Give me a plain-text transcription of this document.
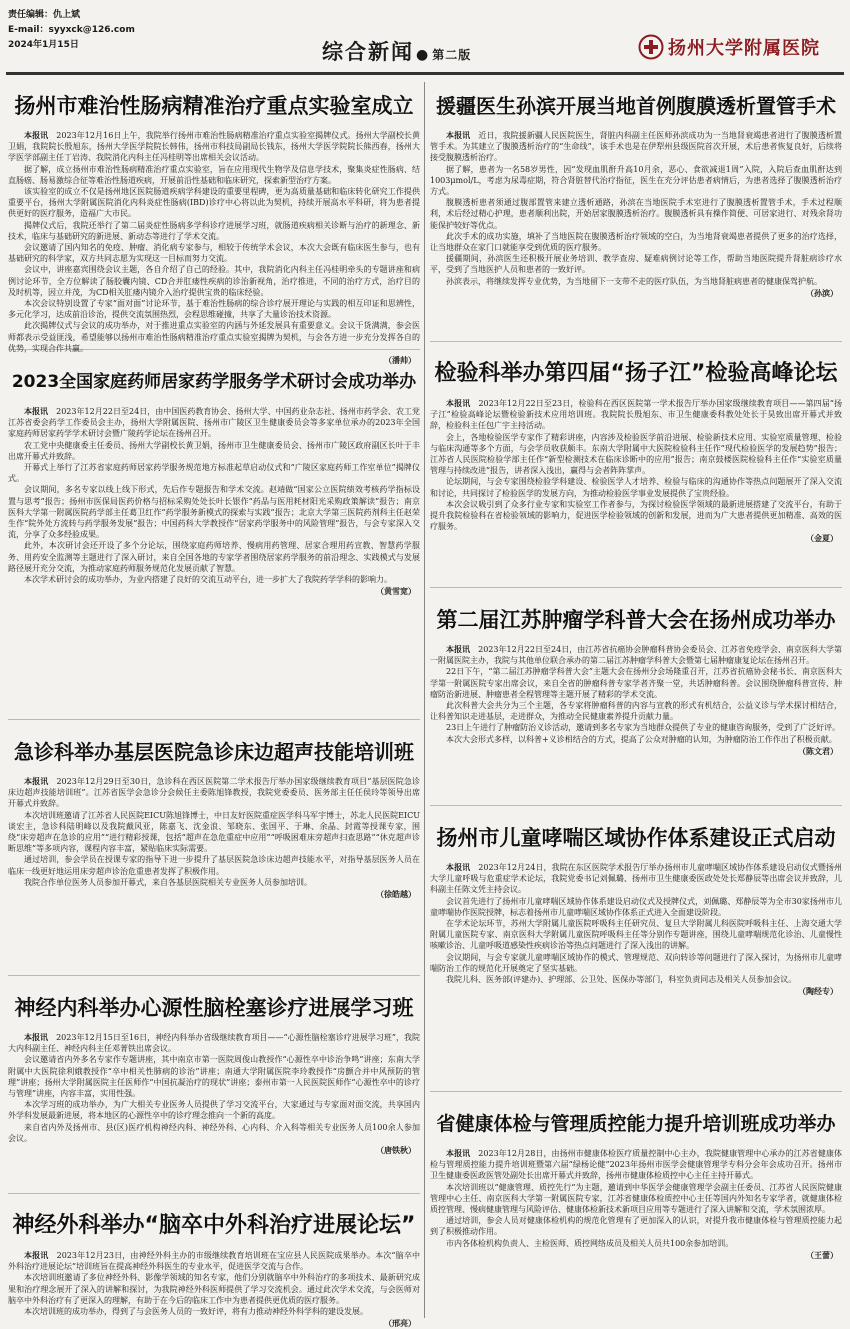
责任编辑：仇上斌
E-mail：syyxck@126.com
2024年1月15日	综合新闻 ● 第二版	扬州大学附属医院
扬州市难治性肠病精准治疗重点实验室成立

本报讯　 2023年12月16日上午，我院举行扬州市难治性肠病精准治疗重点实验室揭牌仪式。扬州大学副校长黄卫娟，我院院长殷旭东，扬州大学医学院院长韩伟，扬州市科技局副局长钱东，扬州大学医学院院长熊西春，扬州大学医学部副主任丁岩涛、我院消化内科主任冯桂明等出席相关会议活动。

据了解，成立扬州市难治性肠病精准治疗重点实验室，旨在应用现代生物学及信息学技术，聚集炎症性肠病、结直肠癌、肠易激综合征等难治性肠道疾病，开展前沿性基础和临床研究，探索新型治疗方案。

该实验室的成立不仅是扬州地区医院肠道疾病学科建设的重要里程碑，更为高质量基础和临床转化研究工作提供重要平台，扬州大学附属医院消化内科炎症性肠病(IBD)诊疗中心将以此为契机，持续开展高水平科研，将为患者提供更好的医疗服务，造福广大市民。

揭牌仪式后，我院还举行了第二届炎症性肠病多学科诊疗进展学习班，就肠道疾病相关诊断与治疗的新理念、新技术，临床与基础研究的新进展、新动态等进行了学术交流。

会议邀请了国内知名的免疫、肿瘤、消化病专家参与，相较于传统学术会议，本次大会既有临床医生参与，也有基础研究的科学家，双方共同志愿为实现这一目标而努力交流。

会议中，讲座嘉宾围绕会议主题，各自介绍了自己的经验。其中，我院消化内科主任冯桂明牵头的专题讲座和病例讨论环节，全方位解读了肠胶囊内镜、CD合并肛瘘性疾病的诊治新视角，治疗推进，不同的治疗方式，治疗目的及时机等，因立并茂，为CD相关肛瘘内镜介入治疗提供宝贵的临床经验。

本次会议特别设置了专家“面对面”讨论环节，基于难治性肠病的综合诊疗展开理论与实践的相互印证和思辨性，多元化学习，达成前沿诊治，提供交流氛围热烈，会程思维碰撞，共享了大量诊治技术资源。

此次揭牌仪式与会议的成功举办，对于推进重点实验室的内涵与外延发展具有重要意义。会议干货满满，参会医师都表示受益匪浅，希望能够以扬州市难治性肠病精准治疗重点实验室揭牌为契机，与会各方进一步充分发挥各自的优势，实现合作共赢。

（潘帅）
2023全国家庭药师居家药学服务学术研讨会成功举办

本报讯　 2023年12月22日至24日，由中国医药教育协会、扬州大学、中国药业杂志社、扬州市药学会、农工党江苏省委会药学工作委员会主办，扬州大学附属医院、扬州市广陵区卫生健康委员会等多家单位承办的2023年全国家庭药师居家药学学术研讨会暨广陵药学论坛在扬州召开。

农工党中央健康委主任委员、扬州大学副校长黄卫娟，扬州市卫生健康委员会、扬州市广陵区政府副区长叶于丰出席开幕式并致辞。

开幕式上举行了江苏省家庭药师居家药学服务规范地方标准起草启动仪式和“广陵区家庭药师工作室单位”揭牌仪式。

会议期间，多名专家以线上线下形式，先后作专题报告和学术交流。赵靖做“国家公立医院绩效考核药学指标设置与思考”报告；扬州市医保局医药价格与招标采购处处长叶长银作“药品与医用耗材阳光采购政策解读”报告；南京医科大学第一附属医院药学部主任葛卫红作“药学服务新模式的探索与实践”报告；北京大学第三医院药剂科主任赵荣生作“院外处方流转与药学服务发展”报告；中国药科大学教授作“居家药学服务中的风险管理”报告，与会专家深入交流，分享了众多经验成果。

此外，本次研讨会还开设了多个分论坛，围绕家庭药师培养、慢病用药管理、居家合理用药宣教、智慧药学服务、用药安全监测等主题进行了深入研讨，来自全国各地的专家学者围绕居家药学服务的前沿理念、实践模式与发展路径展开充分交流，为推动家庭药师服务规范化发展贡献了智慧。

本次学术研讨会的成功举办，为业内搭建了良好的交流互动平台，进一步扩大了我院药学学科的影响力。

（黄雪宽）
急诊科举办基层医院急诊床边超声技能培训班

本报讯　 2023年12月29日至30日，急诊科在西区医院第二学术报告厅举办国家级继续教育项目“基层医院急诊床边超声技能培训班”。江苏省医学会急诊分会候任主委陈旭锋教授，我院党委委员、医务部主任任侯玲等领导出席开幕式并致辞。

本次培训班邀请了江苏省人民医院EICU陈旭锋博士，中日友好医院重症医学科马军宇博士，苏北人民医院EICU谈宏主，急诊科陆明峰以及我院戴风亚，陈嘉飞、沈金浪、邹晓东、张国平、于琳、余晶、封霞等授课专家，围绕“床旁超声在急诊的应用”“进行精彩授课，包括“超声在急危重症中应用”“呼吸困难床旁超声扫查思路”“休克超声诊断思维”等多项内容，课程内容丰富，紧贴临床实际需要。

通过培训，参会学员在授课专家的指导下进一步提升了基层医院急诊床边超声技能水平，对指导基层医务人员在临床一线更好地运用床旁超声诊治危重患者发挥了积极作用。

我院合作单位医务人员参加开幕式，来自各基层医院相关专业医务人员参加培训。

（徐皓越）
神经内科举办心源性脑栓塞诊疗进展学习班

本报讯　 2023年12月15日至16日，神经内科举办省级继续教育项目——“心源性脑栓塞诊疗进展学习班”，我院大内科副主任、神经内科主任邓菁铁出席会议。

会议邀请省内外多名专家作专题讲座，其中南京市第一医院周俊山教授作“心源性卒中诊治争鸣”讲座；东南大学附属中大医院徐利娥教授作“卒中相关性肺病的诊治”讲座；南通大学附属医院李玲教授作“房颤合并中风预防的管理”讲座；扬州大学附属医院主任医师作“中国抗凝治疗的现状”讲座；泰州市第一人民医院医师作“心源性卒中的诊疗与管理”讲座，内容丰富，实用性强。

本次学习班的成功举办，为广大相关专业医务人员提供了学习交流平台，大家通过与专家面对面交流，共享国内外学科发展最新进展，将本地区的心源性卒中的诊疗理念推向一个新的高度。

来自省内外及扬州市、县(区)医疗机构神经内科、神经外科、心内科、介入科等相关专业医务人员100余人参加会议。

（唐铁秋）
神经外科举办“脑卒中外科治疗进展论坛”

本报讯　 2023年12月23日，由神经外科主办的市级继续教育培训班在宝应县人民医院成果举办。本次“脑卒中外科治疗进展论坛”培训班旨在提高神经外科医生的专业水平，促进医学交流与合作。

本次培训班邀请了多位神经外科、影像学领域的知名专家，他们分别就脑卒中外科治疗的多项技术、最新研究成果和治疗理念展开了深入的讲解和探讨，为我院神经外科医师提供了学习交流机会。通过此次学术交流，与会医师对脑卒中外科治疗有了更深入的理解，有助于在今后的临床工作中为患者提供更优质的医疗服务。

本次培训班的成功举办，得到了与会医务人员的一致好评，将有力推动神经外科学科的建设发展。

（邢亮）
援疆医生孙滨开展当地首例腹膜透析置管手术

本报讯　 近日，我院援新疆人民医院医生，肾脏内科副主任医师孙滨成功为一当地肾衰竭患者进行了腹膜透析置管手术。为其建立了腹膜透析治疗的“生命线”，该手术也是在伊犁州县级医院首次开展，术后患者恢复良好，后续将接受腹膜透析治疗。

据了解，患者为一名58岁男性，因“发现血肌酐升高10月余，恶心、食欲减退1周”入院，入院后查血肌酐达到1003μmol/L，考虑为尿毒症期，符合肾脏替代治疗指征，医生在充分评估患者病情后，为患者选择了腹膜透析治疗方式。

腹膜透析患者须通过腹部置管来建立透析通路，孙滨在当地医院手术室进行了腹膜透析置管手术，手术过程顺利，术后经过精心护理，患者顺利出院，开始居家腹膜透析治疗。腹膜透析具有操作简便、可居家进行、对残余肾功能保护较好等优点。

此次手术的成功实施，填补了当地医院在腹膜透析治疗领域的空白，为当地肾衰竭患者提供了更多的治疗选择，让当地群众在家门口就能享受到优质的医疗服务。

援疆期间，孙滨医生还积极开展业务培训、教学查房、疑难病例讨论等工作，帮助当地医院提升肾脏病诊疗水平，受到了当地医护人员和患者的一致好评。

孙滨表示，将继续发挥专业优势，为当地留下一支带不走的医疗队伍，为当地肾脏病患者的健康保驾护航。

（孙滨）
检验科举办第四届“扬子江”检验高峰论坛

本报讯　 2023年12月22日至23日，检验科在西区医院第一学术报告厅举办国家级继续教育项目——第四届“扬子江”检验高峰论坛暨检验新技术应用培训班。我院院长殷旭东、市卫生健康委科教处处长于昊致出席开幕式并致辞，检验科主任包广宇主持活动。

会上，各地检验医学专家作了精彩讲座，内容涉及检验医学前沿进展、检验新技术应用、实验室质量管理、检验与临床沟通等多个方面，与会学员收获颇丰。东南大学附属中大医院检验科主任作“现代检验医学的发展趋势”报告；江苏省人民医院检验学部主任作“新型检测技术在临床诊断中的应用”报告；南京鼓楼医院检验科主任作“实验室质量管理与持续改进”报告，讲者深入浅出，赢得与会者阵阵掌声。

论坛期间，与会专家围绕检验学科建设、检验医学人才培养、检验与临床的沟通协作等热点问题展开了深入交流和讨论，共同探讨了检验医学的发展方向，为推动检验医学事业发展提供了宝贵经验。

本次会议吸引到了众多行业专家和实验室工作者参与，为探讨检验医学领域的最新进展搭建了交流平台，有助于提升我院检验科在省检验领域的影响力，促进医学检验领域的创新和发展，进而为广大患者提供更加精准、高效的医疗服务。

（金夏）
第二届江苏肿瘤学科普大会在扬州成功举办

本报讯　 2023年12月22日至24日，由江苏省抗癌协会肿瘤科普协会委员会、江苏省免疫学会、南京医科大学第一附属医院主办，我院与其他单位联合承办的第二届江苏肿瘤学科普大会暨第七届肿瘤康复论坛在扬州召开。

22日下午，“第二届江苏肿瘤学科普大会”主题大会在扬州分会场隆重召开，江苏省抗癌协会秘书长、南京医科大学第一附属医院专家出席会议，来自全省的肿瘤科普专家学者齐聚一堂，共话肿瘤科普。会议围绕肿瘤科普宣传、肿瘤防治新进展、肿瘤患者全程管理等主题开展了精彩的学术交流。

此次科普大会共分为三个主题，各专家将肿瘤科普的内容与宣教的形式有机结合，公益义诊与学术探讨相结合，让科普知识走进基层，走进群众，为推动全民健康素养提升贡献力量。

23日上午进行了肿瘤防治义诊活动，邀请到多名专家为当地群众提供了专业的健康咨询服务，受到了广泛好评。

本次大会形式多样，以科普+义诊相结合的方式，提高了公众对肿瘤的认知，为肿瘤防治工作作出了积极贡献。

（陈文君）
扬州市儿童哮喘区域协作体系建设正式启动

本报讯　 2023年12月24日，我院在东区医院学术报告厅举办扬州市儿童哮喘区域协作体系建设启动仪式暨扬州大学儿童呼吸与危重症学术论坛，我院党委书记刘佩璐、扬州市卫生健康委医政处处长郑静辰等出席会议并致辞，儿科副主任陈文凭主持会议。

会议首先进行了扬州市儿童哮喘区域协作体系建设启动仪式及授牌仪式，刘佩璐、郑静辰等为全市30家扬州市儿童哮喘协作医院授牌，标志着扬州市儿童哮喘区域协作体系正式进入全面建设阶段。

在学术论坛环节，苏州大学附属儿童医院呼吸科主任研究员、复旦大学附属儿科医院呼吸科主任、上海交通大学附属儿童医院专家、南京医科大学附属儿童医院呼吸科主任等分别作专题讲座，围绕儿童哮喘规范化诊治、儿童慢性咳嗽诊治、儿童呼吸道感染性疾病诊治等热点问题进行了深入浅出的讲解。

会议期间，与会专家就儿童哮喘区域协作的模式、管理规范、双向转诊等问题进行了深入探讨，为扬州市儿童哮喘防治工作的规范化开展奠定了坚实基础。

我院儿科、医务部(评建办)、护理部、公卫处、医保办等部门，科室负责同志及相关人员参加会议。

（陶经专）
省健康体检与管理质控能力提升培训班成功举办

本报讯　 2023年12月28日，由扬州市健康体检医疗质量控制中心主办，我院健康管理中心承办的江苏省健康体检与管理质控能力提升培训班暨第六届“绿杨论健”2023年扬州市医学会健康管理学专科分会年会成功召开。扬州市卫生健康委医政医管处副处长出席开幕式并致辞，扬州市健康体检质控中心主任主持开幕式。

本次培训班以“健康管理、质控先行”为主题，邀请到中华医学会健康管理学会副主任委员、江苏省人民医院健康管理中心主任、南京医科大学第一附属医院专家，江苏省健康体检质控中心主任等国内外知名专家学者，就健康体检质控管理、慢病健康管理与风险评估、健康体检新技术新项目应用等专题进行了深入讲解和交流，学术氛围浓厚。

通过培训，参会人员对健康体检机构的规范化管理有了更加深入的认识，对提升我市健康体检与管理质控能力起到了积极推动作用。

市内各体检机构负责人、主检医师、质控网络成员及相关人员共100余参加培训。

（王蕾）
